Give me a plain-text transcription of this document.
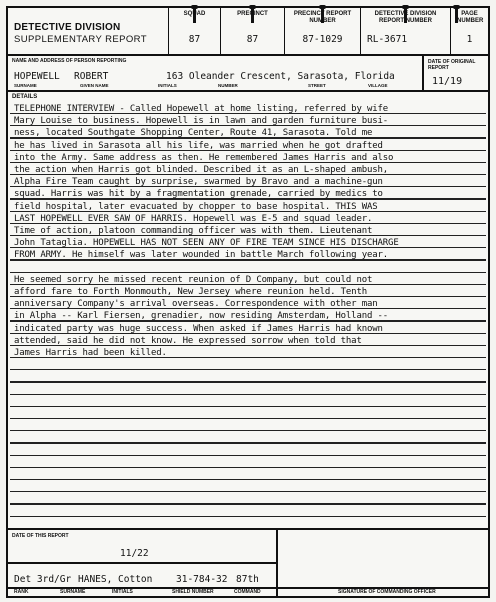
DETECTIVE DIVISION
SUPPLEMENTARY REPORT
SQUAD
87
PRECINCT
87
PRECINCT REPORT NUMBER
87-1029
DETECTIVE DIVISION REPORT NUMBER
RL-3671
PAGE NUMBER
1
NAME AND ADDRESS OF PERSON REPORTING
HOPEWELL ROBERT	163 Oleander Crescent, Sarasota, Florida
SURNAME	GIVEN NAME	INITIALS	NUMBER	STREET	VILLAGE
DATE OF ORIGINAL REPORT
11/19
DETAILS
TELEPHONE INTERVIEW - Called Hopewell at home listing, referred by wife
Mary Louise to business. Hopewell is in lawn and garden furniture busi-
ness, located Southgate Shopping Center, Route 41, Sarasota. Told me
he has lived in Sarasota all his life, was married when he got drafted
into the Army. Same address as then. He remembered James Harris and also
the action when Harris got blinded. Described it as an L-shaped ambush,
Alpha Fire Team caught by surprise, swarmed by Bravo and a machine-gun
squad. Harris was hit by a fragmentation grenade, carried by medics to
field hospital, later evacuated by chopper to base hospital. THIS WAS
LAST HOPEWELL EVER SAW OF HARRIS. Hopewell was E-5 and squad leader.
Time of action, platoon commanding officer was with them. Lieutenant
John Tataglia. HOPEWELL HAS NOT SEEN ANY OF FIRE TEAM SINCE HIS DISCHARGE
FROM ARMY. He himself was later wounded in battle March following year.
He seemed sorry he missed recent reunion of D Company, but could not
afford fare to Forth Monmouth, New Jersey where reunion held. Tenth
anniversary Company's arrival overseas. Correspondence with other man
in Alpha -- Karl Fiersen, grenadier, now residing Amsterdam, Holland --
indicated party was huge success. When asked if James Harris had known
attended, said he did not know. He expressed sorrow when told that
James Harris had been killed.
DATE OF THIS REPORT
11/22
Det 3rd/Gr HANES, Cotton 31-784-32 87th
RANK	SURNAME	INITIALS	SHIELD NUMBER	COMMAND	SIGNATURE OF COMMANDING OFFICER
